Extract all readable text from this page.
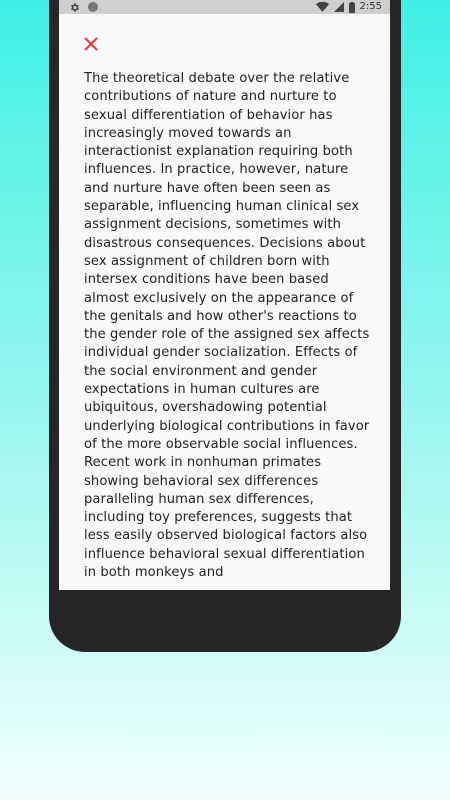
2:55

The theoretical debate over the relative contributions of nature and nurture to sexual differentiation of behavior has increasingly moved towards an interactionist explanation requiring both influences. In practice, however, nature and nurture have often been seen as separable, influencing human clinical sex assignment decisions, sometimes with disastrous consequences. Decisions about sex assignment of children born with intersex conditions have been based almost exclusively on the appearance of the genitals and how other's reactions to the gender role of the assigned sex affects individual gender socialization. Effects of the social environment and gender expectations in human cultures are ubiquitous, overshadowing potential underlying biological contributions in favor of the more observable social influences. Recent work in nonhuman primates showing behavioral sex differences paralleling human sex differences, including toy preferences, suggests that less easily observed biological factors also influence behavioral sexual differentiation in both monkeys and
